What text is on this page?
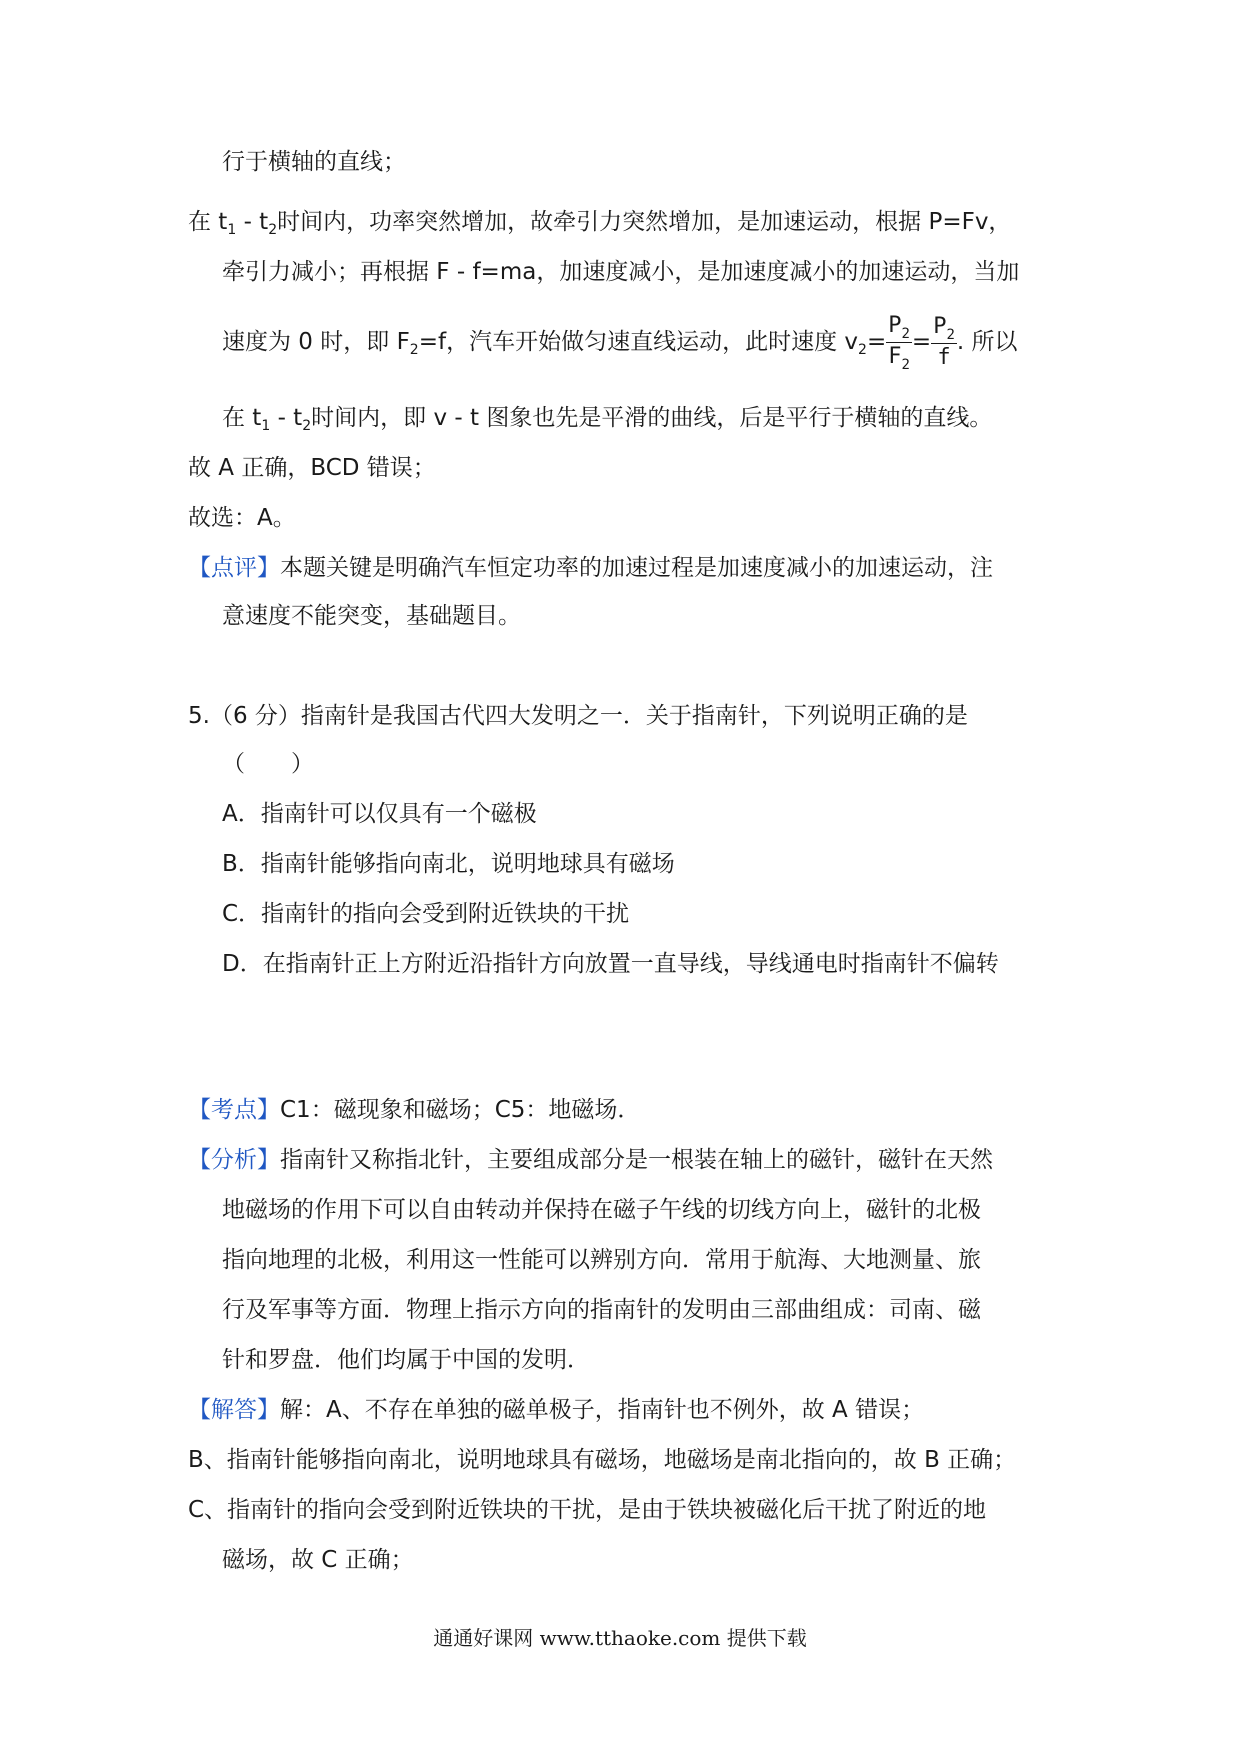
行于横轴的直线；
在 $t_1 - t_2$时间内，功率突然增加，故牵引力突然增加，是加速运动，根据 P=Fv，
牵引力减小；再根据 F - f=ma，加速度减小，是加速度减小的加速运动，当加
速度为 0 时，即 $F_2=f$，汽车开始做匀速直线运动，此时速度 $v_2= \frac{P_2}{F_2} = \frac{P_2}{f}$ . 所以
在 $t_1 - t_2$时间内，即 v - t 图象也先是平滑的曲线，后是平行于横轴的直线。
故 A 正确，BCD 错误；
故选：A。
【点评】本题关键是明确汽车恒定功率的加速过程是加速度减小的加速运动，注
意速度不能突变，基础题目。
5.（6 分）指南针是我国古代四大发明之一．关于指南针，下列说明正确的是
（　　）
A．指南针可以仅具有一个磁极
B．指南针能够指向南北，说明地球具有磁场
C．指南针的指向会受到附近铁块的干扰
D．在指南针正上方附近沿指针方向放置一直导线，导线通电时指南针不偏转
【考点】C1：磁现象和磁场；C5：地磁场．
【分析】指南针又称指北针，主要组成部分是一根装在轴上的磁针，磁针在天然
地磁场的作用下可以自由转动并保持在磁子午线的切线方向上，磁针的北极
指向地理的北极，利用这一性能可以辨别方向．常用于航海、大地测量、旅
行及军事等方面．物理上指示方向的指南针的发明由三部曲组成：司南、磁
针和罗盘．他们均属于中国的发明．
【解答】解：A、不存在单独的磁单极子，指南针也不例外，故 A 错误；
B、指南针能够指向南北，说明地球具有磁场，地磁场是南北指向的，故 B 正确；
C、指南针的指向会受到附近铁块的干扰，是由于铁块被磁化后干扰了附近的地
磁场，故 C 正确；
通通好课网 www.tthaoke.com 提供下载
